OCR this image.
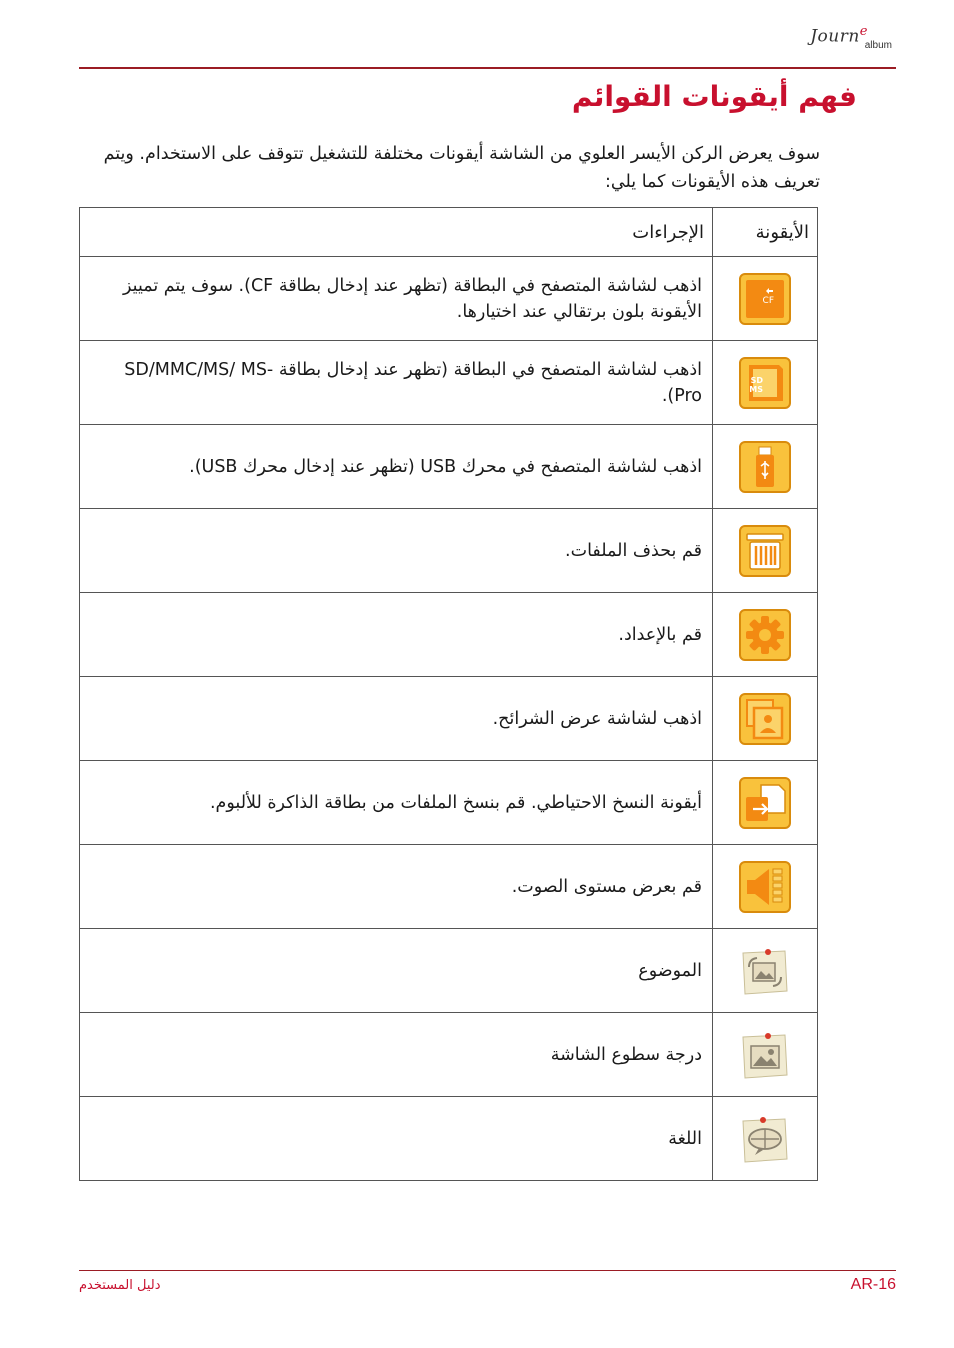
Journ$^e$
album
فهم أيقونات القوائم
سوف يعرض الركن الأيسر العلوي من الشاشة أيقونات مختلفة للتشغيل تتوقف على الاستخدام. ويتم تعريف هذه الأيقونات كما يلي:
الأيقونة	الإجراءات

CF	اذهب لشاشة المتصفح في البطاقة (تظهر عند إدخال بطاقة CF). سوف يتم تمييز الأيقونة بلون برتقالي عند اختيارها.

SD
MS	اذهب لشاشة المتصفح في البطاقة (تظهر عند إدخال بطاقة SD/MMC/MS/ MS-Pro).
	اذهب لشاشة المتصفح في محرك USB (تظهر عند إدخال محرك USB).
	قم بحذف الملفات.
	قم بالإعداد.
	اذهب لشاشة عرض الشرائح.
	أيقونة النسخ الاحتياطي. قم بنسخ الملفات من بطاقة الذاكرة للألبوم.
	قم بعرض مستوى الصوت.
	الموضوع
	درجة سطوع الشاشة
	اللغة
دليل المستخدم	AR-16
